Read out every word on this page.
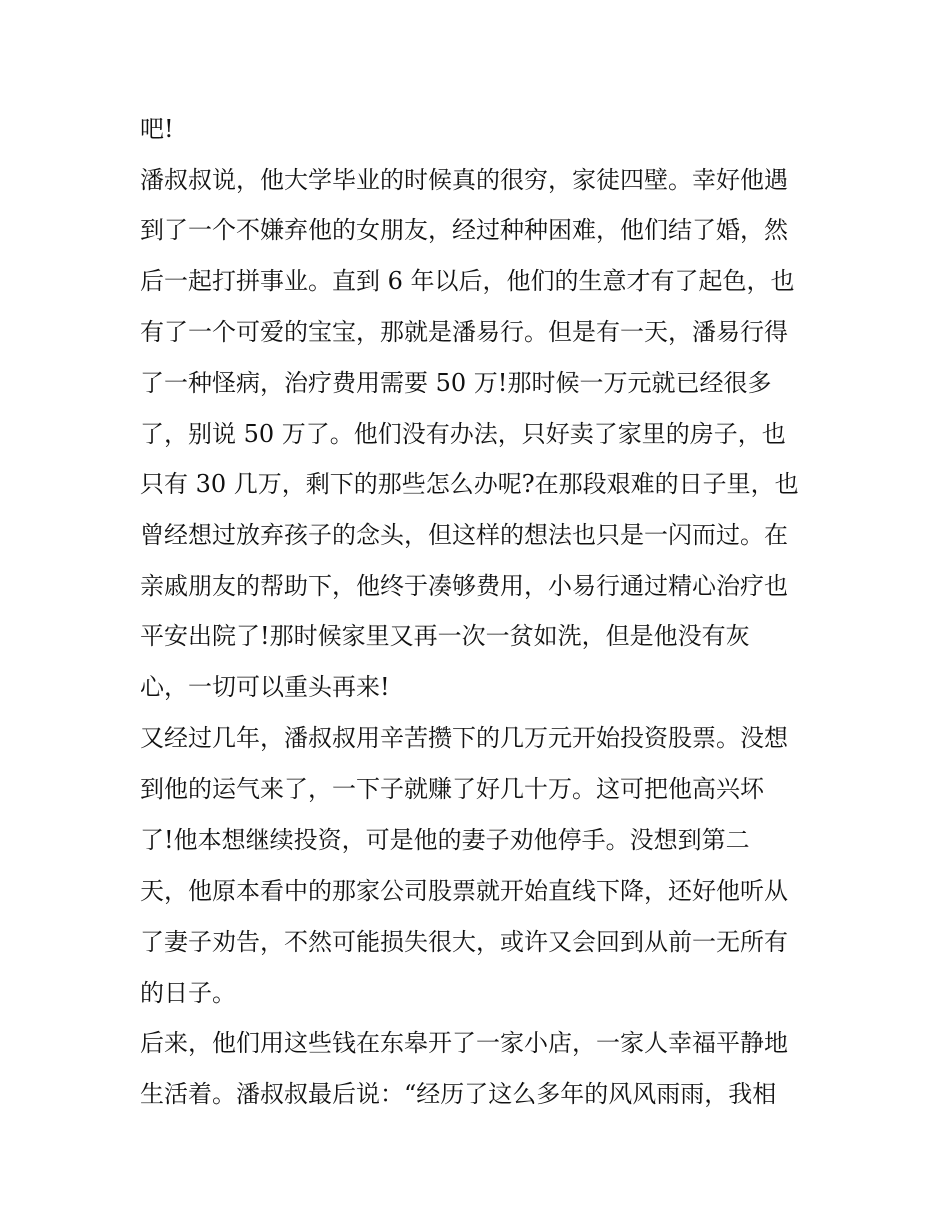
吧!
潘叔叔说，他大学毕业的时候真的很穷，家徒四壁。幸好他遇
到了一个不嫌弃他的女朋友，经过种种困难，他们结了婚，然
后一起打拼事业。直到 6 年以后，他们的生意才有了起色，也
有了一个可爱的宝宝，那就是潘易行。但是有一天，潘易行得
了一种怪病，治疗费用需要 50 万!那时候一万元就已经很多
了，别说 50 万了。他们没有办法，只好卖了家里的房子，也
只有 30 几万，剩下的那些怎么办呢?在那段艰难的日子里，也
曾经想过放弃孩子的念头，但这样的想法也只是一闪而过。在
亲戚朋友的帮助下，他终于凑够费用，小易行通过精心治疗也
平安出院了!那时候家里又再一次一贫如洗，但是他没有灰
心，一切可以重头再来!
又经过几年，潘叔叔用辛苦攒下的几万元开始投资股票。没想
到他的运气来了，一下子就赚了好几十万。这可把他高兴坏
了!他本想继续投资，可是他的妻子劝他停手。没想到第二
天，他原本看中的那家公司股票就开始直线下降，还好他听从
了妻子劝告，不然可能损失很大，或许又会回到从前一无所有
的日子。
后来，他们用这些钱在东皋开了一家小店，一家人幸福平静地
生活着。潘叔叔最后说：“经历了这么多年的风风雨雨，我相
